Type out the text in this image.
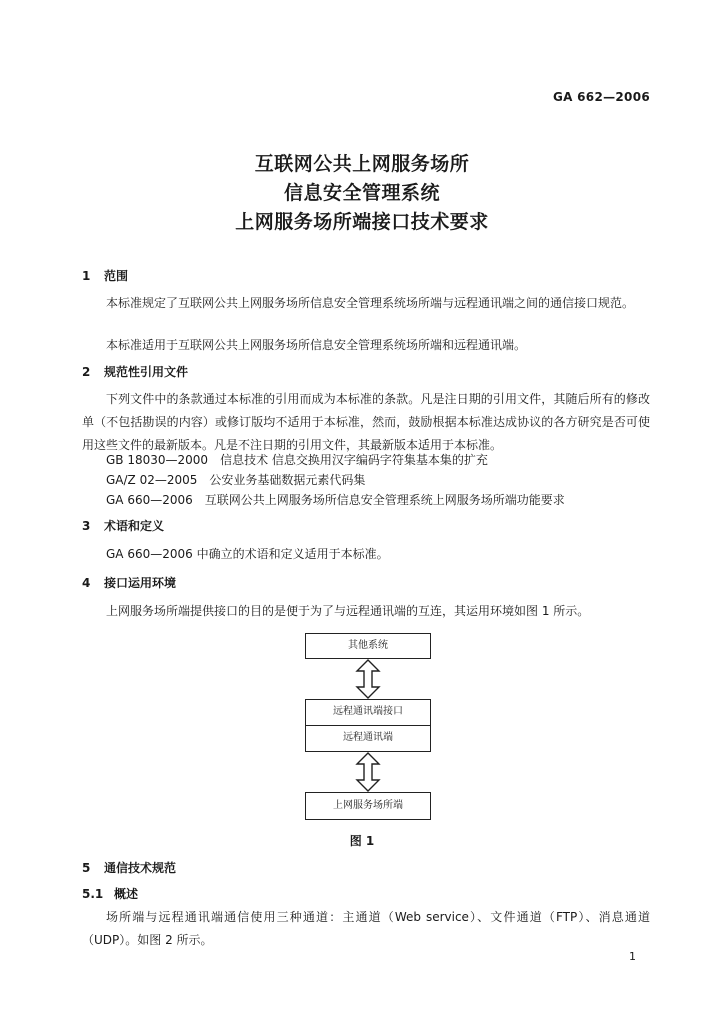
GA 662—2006
互联网公共上网服务场所
信息安全管理系统
上网服务场所端接口技术要求
1 范围
本标准规定了互联网公共上网服务场所信息安全管理系统场所端与远程通讯端之间的通信接口规范。
本标准适用于互联网公共上网服务场所信息安全管理系统场所端和远程通讯端。
2 规范性引用文件
下列文件中的条款通过本标准的引用而成为本标准的条款。凡是注日期的引用文件，其随后所有的修改单（不包括勘误的内容）或修订版均不适用于本标准，然而，鼓励根据本标准达成协议的各方研究是否可使用这些文件的最新版本。凡是不注日期的引用文件，其最新版本适用于本标准。
GB 18030—2000 信息技术 信息交换用汉字编码字符集基本集的扩充
GA/Z 02—2005 公安业务基础数据元素代码集
GA 660—2006 互联网公共上网服务场所信息安全管理系统上网服务场所端功能要求
3 术语和定义
GA 660—2006 中确立的术语和定义适用于本标准。
4 接口运用环境
上网服务场所端提供接口的目的是便于为了与远程通讯端的互连，其运用环境如图 1 所示。
5 通信技术规范
5.1 概述
场所端与远程通讯端通信使用三种通道：主通道（Web service）、文件通道（FTP）、消息通道（UDP）。如图 2 所示。
其他系统
远程通讯端接口
远程通讯端
上网服务场所端
图 1
1
